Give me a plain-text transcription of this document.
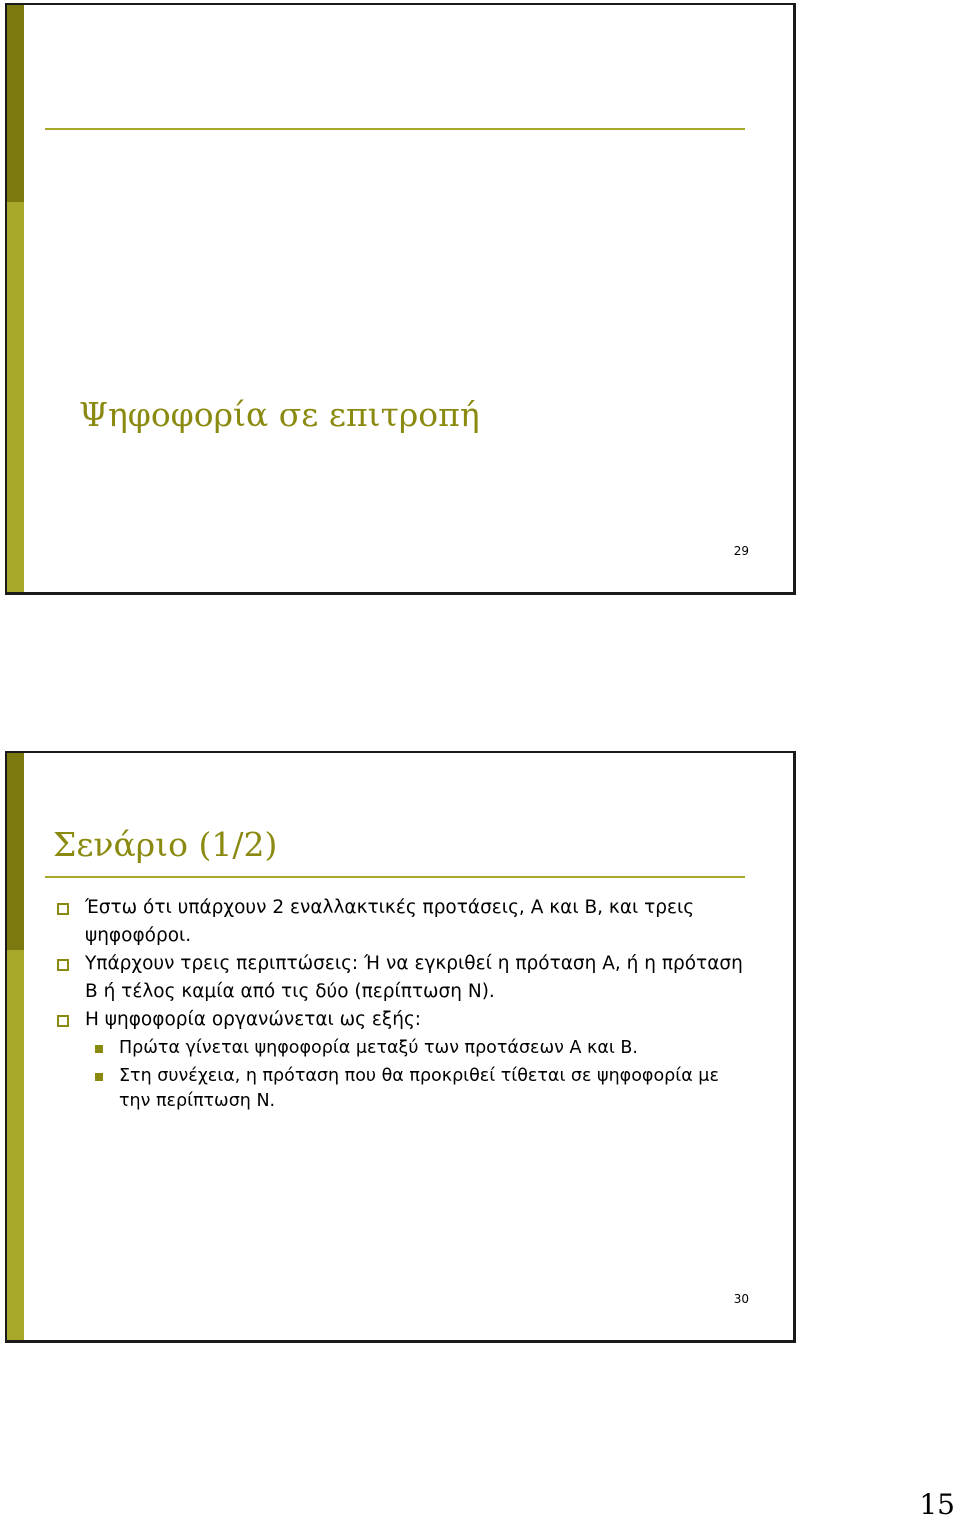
Ψηφοφορία σε επιτροπή
29
Σενάριο (1/2)
Έστω ότι υπάρχουν 2 εναλλακτικές προτάσεις, Α και Β, και τρεις ψηφοφόροι.
Υπάρχουν τρεις περιπτώσεις: Ή να εγκριθεί η πρόταση Α, ή η πρόταση Β ή τέλος καμία από τις δύο (περίπτωση Ν).
Η ψηφοφορία οργανώνεται ως εξής:
Πρώτα γίνεται ψηφοφορία μεταξύ των προτάσεων Α και Β.
Στη συνέχεια, η πρόταση που θα προκριθεί τίθεται σε ψηφοφορία με την περίπτωση Ν.
30
15
